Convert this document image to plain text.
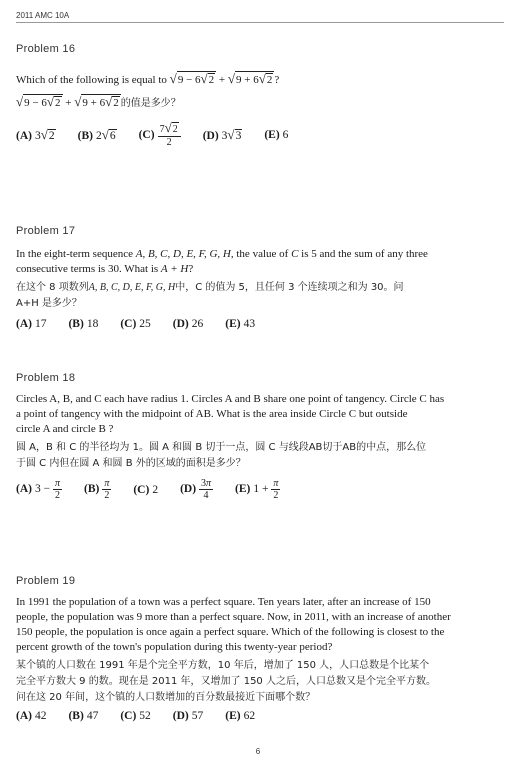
2011 AMC 10A
Problem 16
Which of the following is equal to √9 − 6√2 + √9 + 6√2 ?
√9 − 6√2 + √9 + 6√2 的值是多少？
(A) 3√2 (B) 2√6 $(C) \frac{7√2}{2} (D)$ 3√3 (E) 6
Problem 17
In the eight-term sequence A, B, C, D, E, F, G, H, the value of C is 5 and the sum of any three
consecutive terms is 30. What is A + H?
在这个 8 项数列A, B, C, D, E, F, G, H中，C 的值为 5，且任何 3 个连续项之和为 30。问
A+H 是多少？
(A) 17 (B) 18 (C) 25 (D) 26 (E) 43
Problem 18
Circles A, B, and C each have radius 1. Circles A and B share one point of tangency. Circle C has
a point of tangency with the midpoint of AB. What is the area inside Circle C but outside
circle A and circle B ?
圆 A，B 和 C 的半径均为 1。圆 A 和圆 B 切于一点，圆 C 与线段AB切于AB的中点，那么位
于圆 C 内但在圆 A 和圆 B 外的区域的面积是多少？
(A) $3 - \frac{\pi}{2} (B) \frac{\pi}{2} (C)$ 2 $(D) \frac{3\pi}{4} (E) 1 + \frac{\pi}{2}$
Problem 19
In 1991 the population of a town was a perfect square. Ten years later, after an increase of 150
people, the population was 9 more than a perfect square. Now, in 2011, with an increase of another
150 people, the population is once again a perfect square. Which of the following is closest to the
percent growth of the town's population during this twenty-year period?
某个镇的人口数在 1991 年是个完全平方数，10 年后，增加了 150 人，人口总数是个比某个
完全平方数大 9 的数。现在是 2011 年，又增加了 150 人之后，人口总数又是个完全平方数。
问在这 20 年间，这个镇的人口数增加的百分数最接近下面哪个数？
(A) 42 (B) 47 (C) 52 (D) 57 (E) 62
6
